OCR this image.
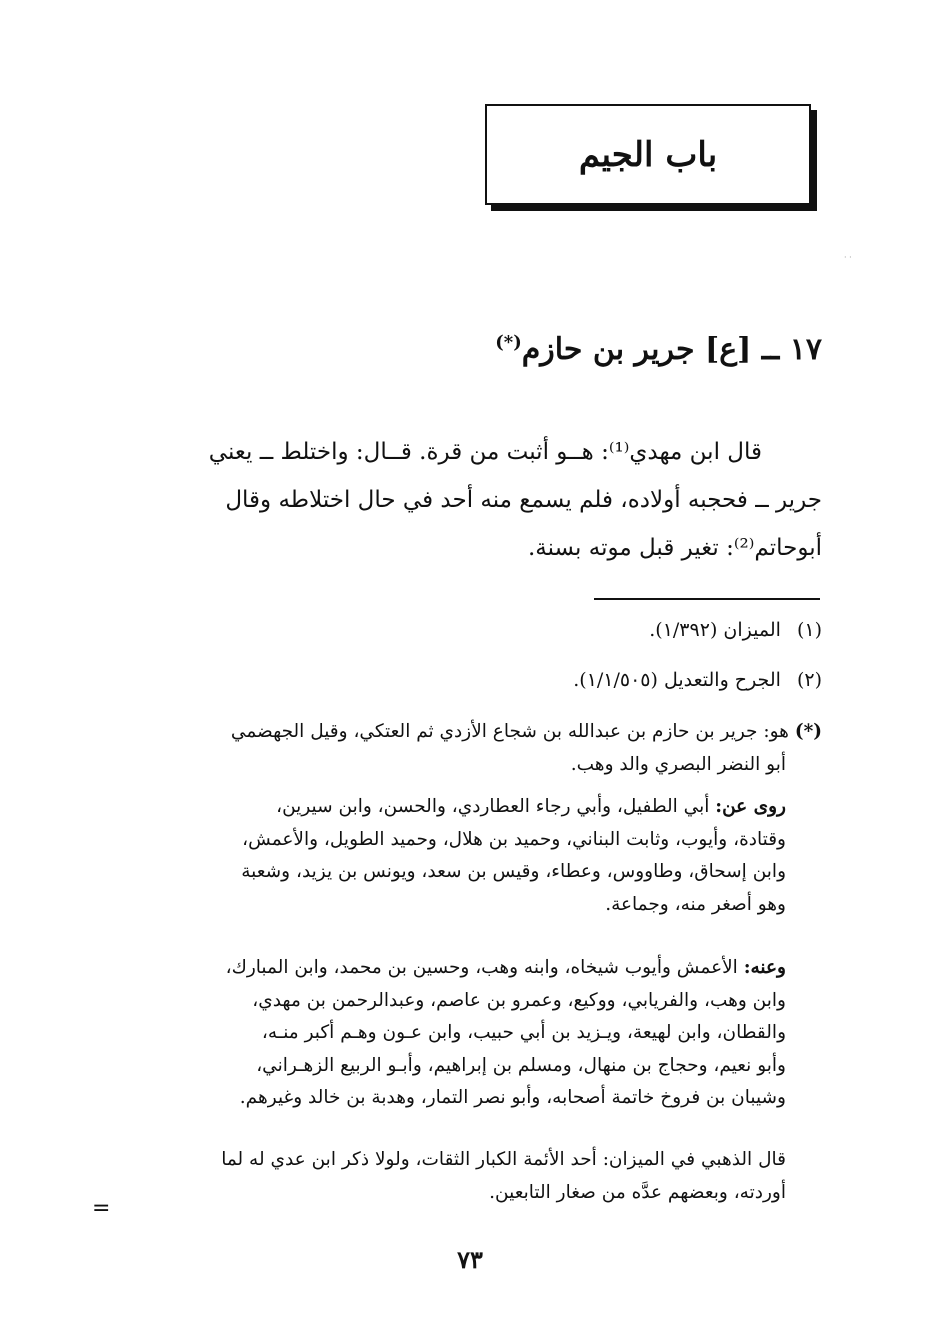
· ·
باب الجيم
١٧ ــ [ع] جرير بن حازم(*)
قال ابن مهدي⁽¹⁾: هــو أثبت من قرة. قــال: واختلط ــ يعني
جرير ــ فحجبه أولاده، فلم يسمع منه أحد في حال اختلاطه وقال
أبوحاتم⁽²⁾: تغير قبل موته بسنة.
(١) الميزان (١/٣٩٢).
(٢) الجرح والتعديل (١/١/٥٠٥).
(*) هو: جرير بن حازم بن عبدالله بن شجاع الأزدي ثم العتكي، وقيل الجهضمي
أبو النضر البصري والد وهب.
روى عن: أبي الطفيل، وأبي رجاء العطاردي، والحسن، وابن سيرين،
وقتادة، وأيوب، وثابت البناني، وحميد بن هلال، وحميد الطويل، والأعمش،
وابن إسحاق، وطاووس، وعطاء، وقيس بن سعد، ويونس بن يزيد، وشعبة
وهو أصغر منه، وجماعة.
وعنه: الأعمش وأيوب شيخاه، وابنه وهب، وحسين بن محمد، وابن المبارك،
وابن وهب، والفريابي، ووكيع، وعمرو بن عاصم، وعبدالرحمن بن مهدي،
والقطان، وابن لهيعة، ويـزيد بن أبي حبيب، وابن عـون وهـم أكبر منـه،
وأبو نعيم، وحجاج بن منهال، ومسلم بن إبراهيم، وأبـو الربيع الزهـراني،
وشيبان بن فروخ خاتمة أصحابه، وأبو نصر التمار، وهدبة بن خالد وغيرهم.
قال الذهبي في الميزان: أحد الأئمة الكبار الثقات، ولولا ذكر ابن عدي له لما
أوردته، وبعضهم عدَّه من صغار التابعين.
=
٧٣
